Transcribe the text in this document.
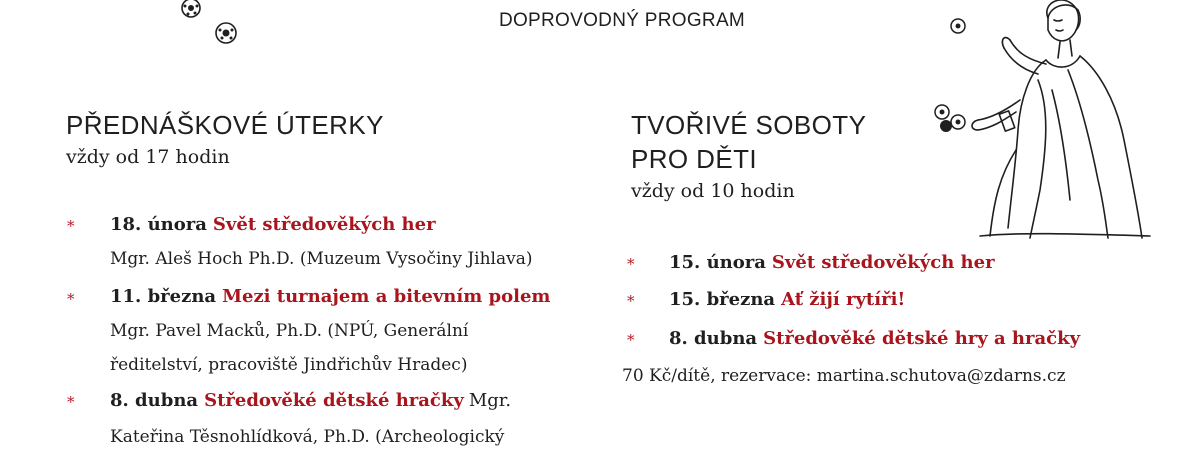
DOPROVODNÝ PROGRAM
PŘEDNÁŠKOVÉ ÚTERKY
vždy od 17 hodin
* 18. února Svět středověkých her
Mgr. Aleš Hoch Ph.D. (Muzeum Vysočiny Jihlava)
* 11. března Mezi turnajem a bitevním polem
Mgr. Pavel Macků, Ph.D. (NPÚ, Generální
ředitelství, pracoviště Jindřichův Hradec)
* 8. dubna Středověké dětské hračky Mgr.
Kateřina Těsnohlídková, Ph.D. (Archeologický
TVOŘIVÉ SOBOTY
PRO DĚTI
vždy od 10 hodin
* 15. února Svět středověkých her
* 15. března Ať žijí rytíři!
* 8. dubna Středověké dětské hry a hračky
70 Kč/dítě, rezervace: martina.schutova@zdarns.cz
